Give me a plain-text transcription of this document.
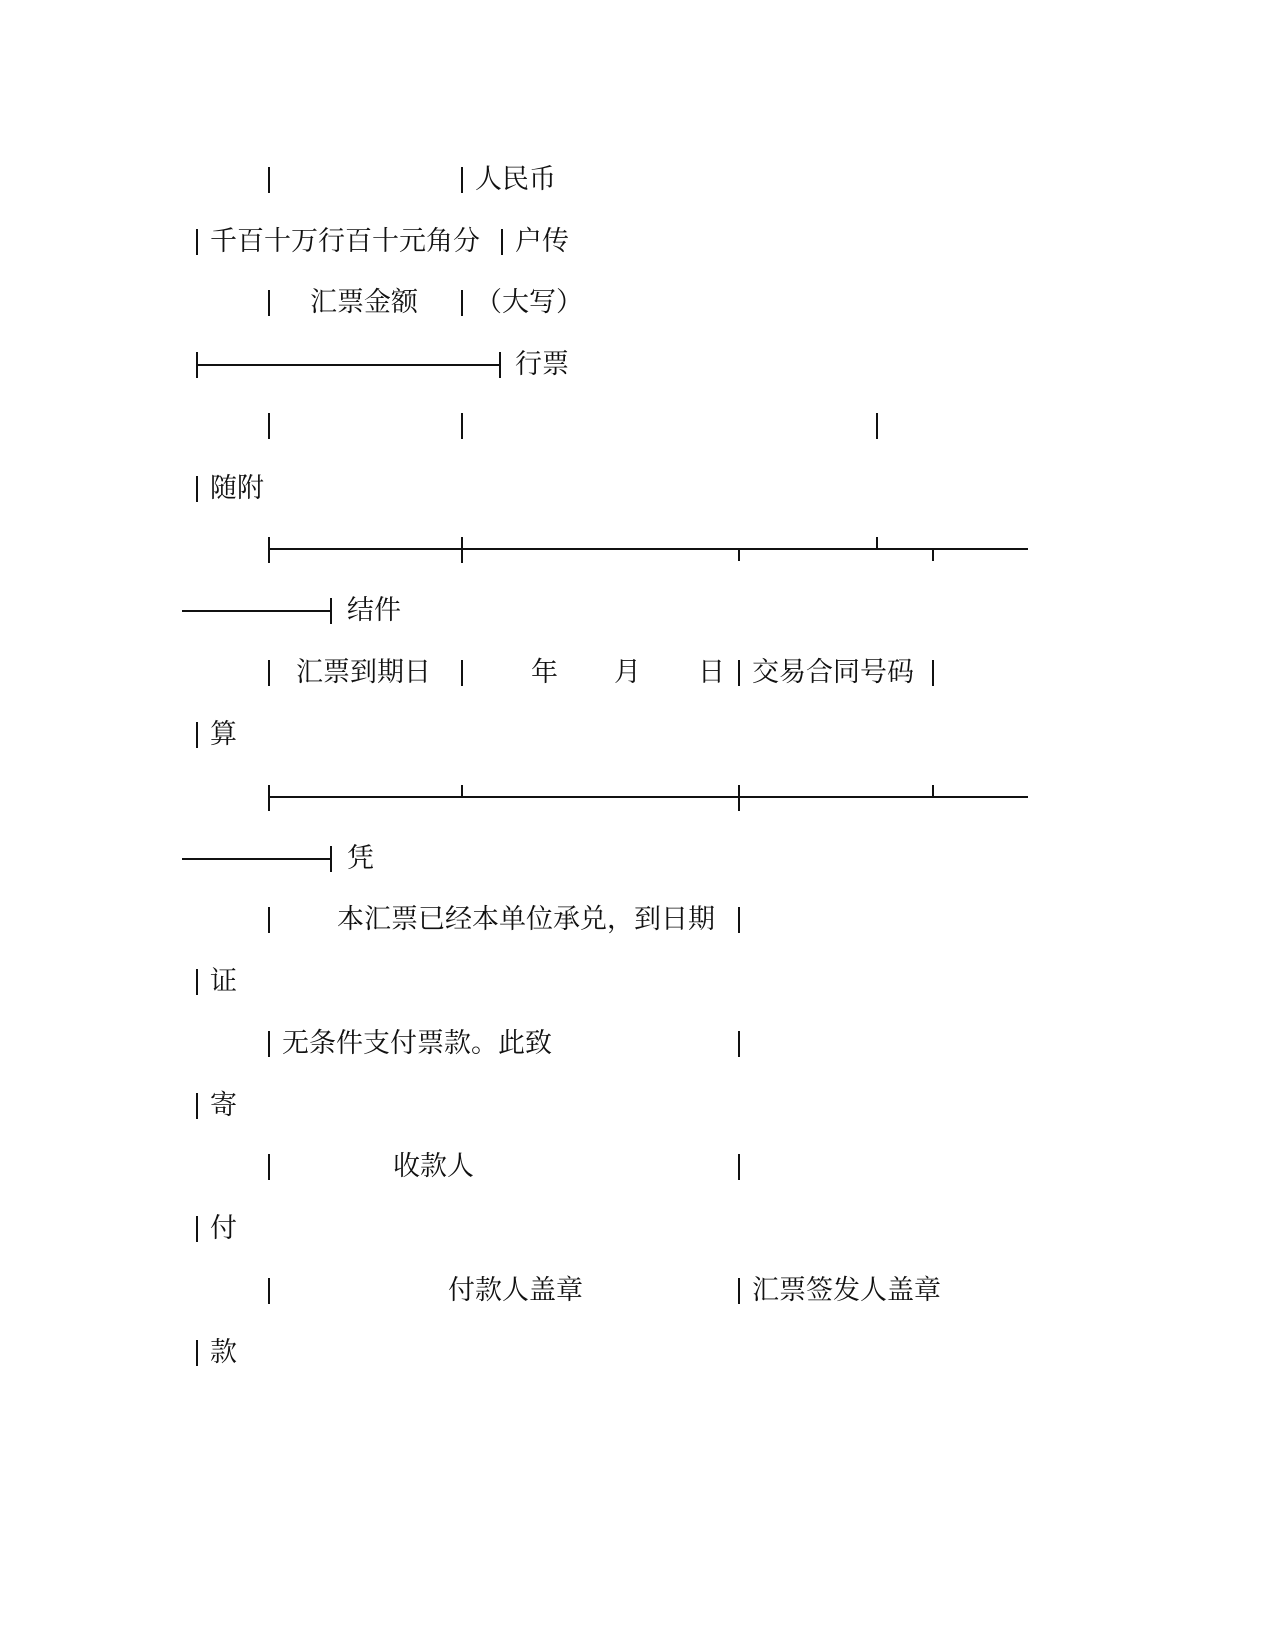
人民币
千百十万行百十元角分 户传
汇票金额 （大写）
行票
随附
结件
汇票到期日	年 月 日 交易合同号码
算
凭
本汇票已经本单位承兑，到日期
证
无条件支付票款。此致
寄
收款人
付
付款人盖章	汇票签发人盖章
款
